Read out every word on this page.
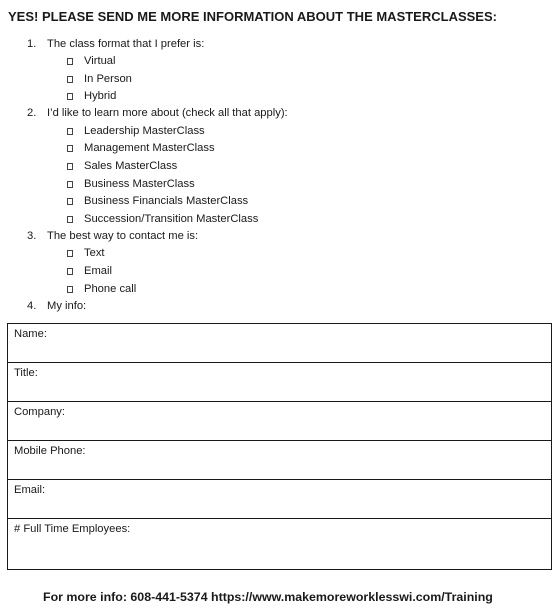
YES! PLEASE SEND ME MORE INFORMATION ABOUT THE MASTERCLASSES:
1. The class format that I prefer is:
Virtual
In Person
Hybrid
2. I’d like to learn more about (check all that apply):
Leadership MasterClass
Management MasterClass
Sales MasterClass
Business MasterClass
Business Financials MasterClass
Succession/Transition MasterClass
3. The best way to contact me is:
Text
Email
Phone call
4. My info:
Name:
Title:
Company:
Mobile Phone:
Email:
# Full Time Employees:
For more info: 608-441-5374 https://www.makemoreworklesswi.com/Training
